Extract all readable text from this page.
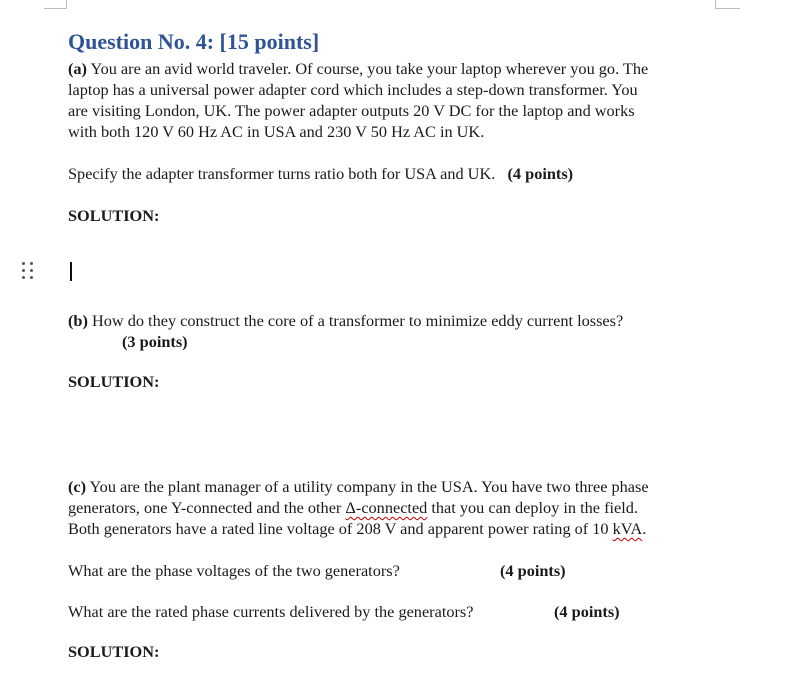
Question No. 4: [15 points]

(a) You are an avid world traveler. Of course, you take your laptop wherever you go. The

laptop has a universal power adapter cord which includes a step-down transformer. You

are visiting London, UK. The power adapter outputs 20 V DC for the laptop and works

with both 120 V 60 Hz AC in USA and 230 V 50 Hz AC in UK.

Specify the adapter transformer turns ratio both for USA and UK. (4 points)

SOLUTION:

(b) How do they construct the core of a transformer to minimize eddy current losses?

(3 points)

SOLUTION:

(c) You are the plant manager of a utility company in the USA. You have two three phase

generators, one Y-connected and the other Δ-connected that you can deploy in the field.

Both generators have a rated line voltage of 208 V and apparent power rating of 10 kVA.

What are the phase voltages of the two generators?	(4 points)

What are the rated phase currents delivered by the generators?	(4 points)

SOLUTION:
